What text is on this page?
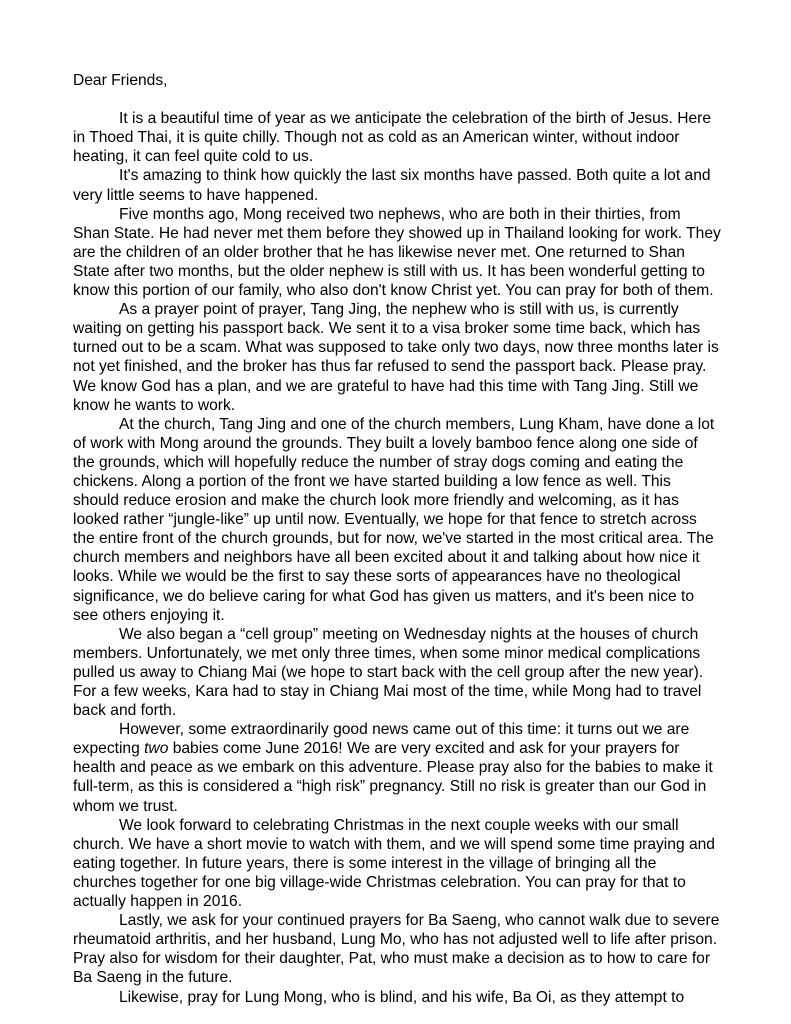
Dear Friends,

It is a beautiful time of year as we anticipate the celebration of the birth of Jesus. Here
in Thoed Thai, it is quite chilly. Though not as cold as an American winter, without indoor
heating, it can feel quite cold to us.

It's amazing to think how quickly the last six months have passed. Both quite a lot and
very little seems to have happened.

Five months ago, Mong received two nephews, who are both in their thirties, from
Shan State. He had never met them before they showed up in Thailand looking for work. They
are the children of an older brother that he has likewise never met. One returned to Shan
State after two months, but the older nephew is still with us. It has been wonderful getting to
know this portion of our family, who also don't know Christ yet. You can pray for both of them.

As a prayer point of prayer, Tang Jing, the nephew who is still with us, is currently
waiting on getting his passport back. We sent it to a visa broker some time back, which has
turned out to be a scam. What was supposed to take only two days, now three months later is
not yet finished, and the broker has thus far refused to send the passport back. Please pray.
We know God has a plan, and we are grateful to have had this time with Tang Jing. Still we
know he wants to work.

At the church, Tang Jing and one of the church members, Lung Kham, have done a lot
of work with Mong around the grounds. They built a lovely bamboo fence along one side of
the grounds, which will hopefully reduce the number of stray dogs coming and eating the
chickens. Along a portion of the front we have started building a low fence as well. This
should reduce erosion and make the church look more friendly and welcoming, as it has
looked rather “jungle-like” up until now. Eventually, we hope for that fence to stretch across
the entire front of the church grounds, but for now, we've started in the most critical area. The
church members and neighbors have all been excited about it and talking about how nice it
looks. While we would be the first to say these sorts of appearances have no theological
significance, we do believe caring for what God has given us matters, and it's been nice to
see others enjoying it.

We also began a “cell group” meeting on Wednesday nights at the houses of church
members. Unfortunately, we met only three times, when some minor medical complications
pulled us away to Chiang Mai (we hope to start back with the cell group after the new year).
For a few weeks, Kara had to stay in Chiang Mai most of the time, while Mong had to travel
back and forth.

However, some extraordinarily good news came out of this time: it turns out we are
expecting two babies come June 2016! We are very excited and ask for your prayers for
health and peace as we embark on this adventure. Please pray also for the babies to make it
full-term, as this is considered a “high risk” pregnancy. Still no risk is greater than our God in
whom we trust.

We look forward to celebrating Christmas in the next couple weeks with our small
church. We have a short movie to watch with them, and we will spend some time praying and
eating together. In future years, there is some interest in the village of bringing all the
churches together for one big village-wide Christmas celebration. You can pray for that to
actually happen in 2016.

Lastly, we ask for your continued prayers for Ba Saeng, who cannot walk due to severe
rheumatoid arthritis, and her husband, Lung Mo, who has not adjusted well to life after prison.
Pray also for wisdom for their daughter, Pat, who must make a decision as to how to care for
Ba Saeng in the future.

Likewise, pray for Lung Mong, who is blind, and his wife, Ba Oi, as they attempt to
